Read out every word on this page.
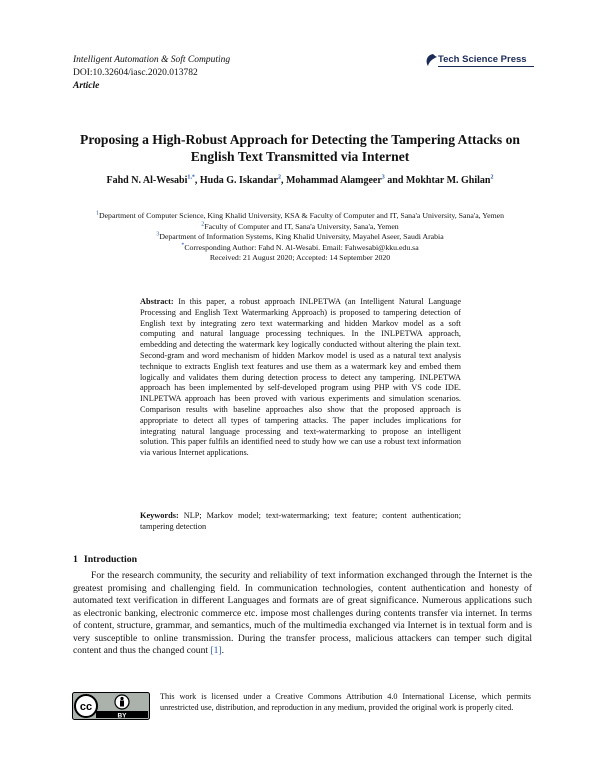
Intelligent Automation & Soft Computing
DOI:10.32604/iasc.2020.013782
Article
Tech Science Press
Proposing a High-Robust Approach for Detecting the Tampering Attacks on
English Text Transmitted via Internet
Fahd N. Al-Wesabi$^{1,*}$, Huda G. Iskandar$^2$, Mohammad Alamgeer$^3$ and Mokhtar M. Ghilan$^2$
$^1$Department of Computer Science, King Khalid University, KSA & Faculty of Computer and IT, Sana'a University, Sana'a, Yemen
$^2$Faculty of Computer and IT, Sana'a University, Sana'a, Yemen
$^3$Department of Information Systems, King Khalid University, Mayahel Aseer, Saudi Arabia
*Corresponding Author: Fahd N. Al-Wesabi. Email: Fahwesabi@kku.edu.sa
Received: 21 August 2020; Accepted: 14 September 2020
Abstract: In this paper, a robust approach INLPETWA (an Intelligent Natural Language Processing and English Text Watermarking Approach) is proposed to tampering detection of English text by integrating zero text watermarking and hidden Markov model as a soft computing and natural language processing techniques. In the INLPETWA approach, embedding and detecting the watermark key logically conducted without altering the plain text. Second-gram and word mechanism of hidden Markov model is used as a natural text analysis technique to extracts English text features and use them as a watermark key and embed them logically and validates them during detection process to detect any tampering. INLPETWA approach has been implemented by self-developed program using PHP with VS code IDE. INLPETWA approach has been proved with various experiments and simulation scenarios. Comparison results with baseline approaches also show that the proposed approach is appropriate to detect all types of tampering attacks. The paper includes implications for integrating natural language processing and text-watermarking to propose an intelligent solution. This paper fulfils an identified need to study how we can use a robust text information via various Internet applications.
Keywords: NLP; Markov model; text-watermarking; text feature; content authentication; tampering detection
1 Introduction
For the research community, the security and reliability of text information exchanged through the Internet is the greatest promising and challenging field. In communication technologies, content authentication and honesty of automated text verification in different Languages and formats are of great significance. Numerous applications such as electronic banking, electronic commerce etc. impose most challenges during contents transfer via internet. In terms of content, structure, grammar, and semantics, much of the multimedia exchanged via Internet is in textual form and is very susceptible to online transmission. During the transfer process, malicious attackers can temper such digital content and thus the changed count [1].
cc
BY
This work is licensed under a Creative Commons Attribution 4.0 International License, which permits unrestricted use, distribution, and reproduction in any medium, provided the original work is properly cited.
